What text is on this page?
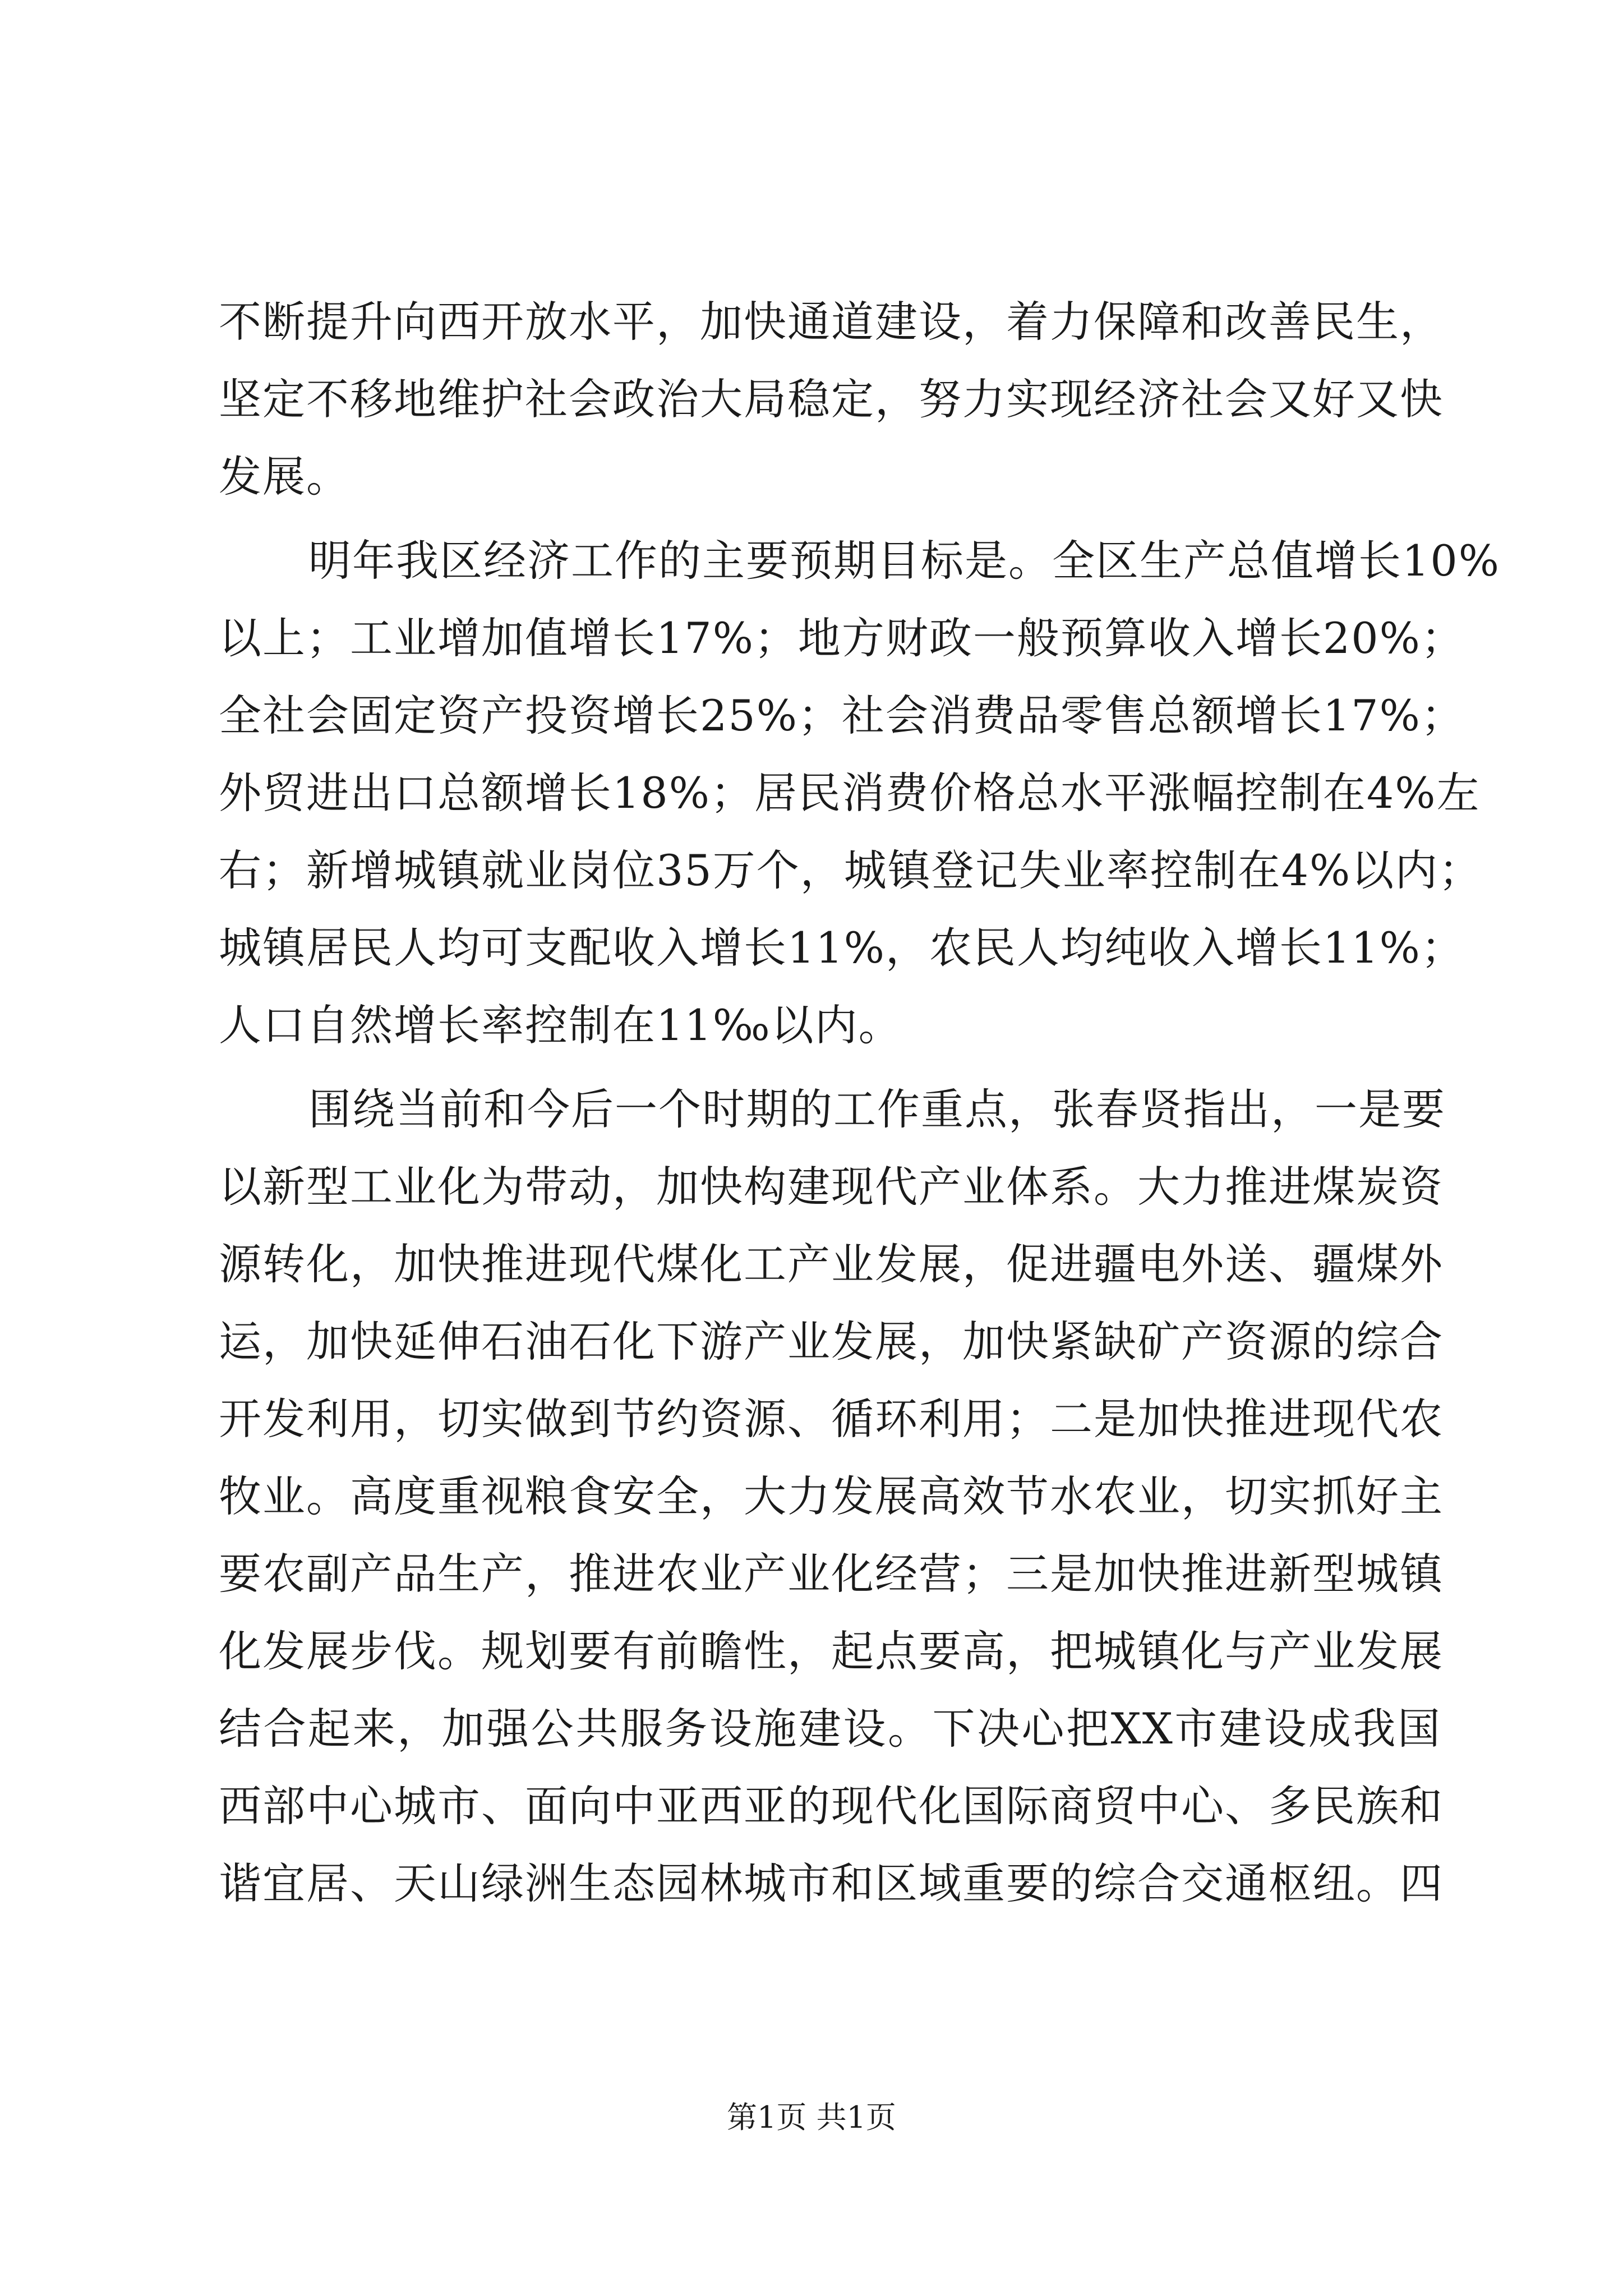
不断提升向西开放水平，加快通道建设，着力保障和改善民生，
坚定不移地维护社会政治大局稳定，努力实现经济社会又好又快
发展。
明年我区经济工作的主要预期目标是。全区生产总值增长10%
以上；工业增加值增长17%；地方财政一般预算收入增长20%；
全社会固定资产投资增长25%；社会消费品零售总额增长17%；
外贸进出口总额增长18%；居民消费价格总水平涨幅控制在4%左
右；新增城镇就业岗位35万个，城镇登记失业率控制在4%以内；
城镇居民人均可支配收入增长11%，农民人均纯收入增长11%；
人口自然增长率控制在11‰以内。
围绕当前和今后一个时期的工作重点，张春贤指出，一是要
以新型工业化为带动，加快构建现代产业体系。大力推进煤炭资
源转化，加快推进现代煤化工产业发展，促进疆电外送、疆煤外
运，加快延伸石油石化下游产业发展，加快紧缺矿产资源的综合
开发利用，切实做到节约资源、循环利用；二是加快推进现代农
牧业。高度重视粮食安全，大力发展高效节水农业，切实抓好主
要农副产品生产，推进农业产业化经营；三是加快推进新型城镇
化发展步伐。规划要有前瞻性，起点要高，把城镇化与产业发展
结合起来，加强公共服务设施建设。下决心把XX市建设成我国
西部中心城市、面向中亚西亚的现代化国际商贸中心、多民族和
谐宜居、天山绿洲生态园林城市和区域重要的综合交通枢纽。四
第1页 共1页
